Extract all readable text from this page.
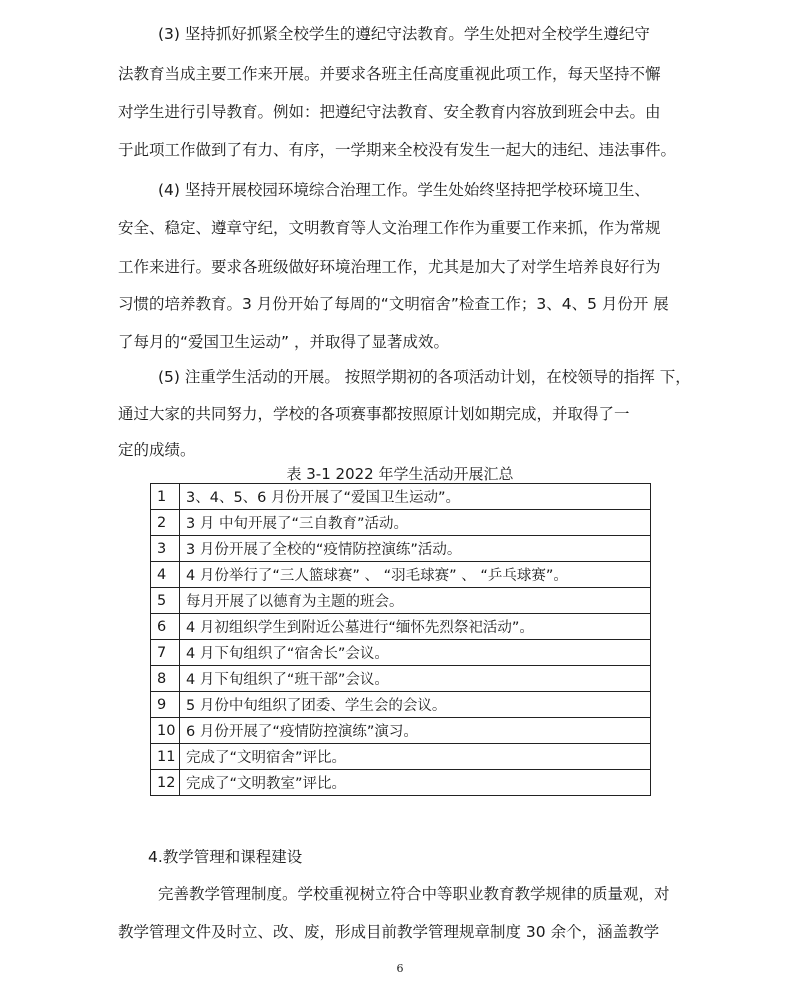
(3) 坚持抓好抓紧全校学生的遵纪守法教育。学生处把对全校学生遵纪守
法教育当成主要工作来开展。并要求各班主任高度重视此项工作，每天坚持不懈
对学生进行引导教育。例如：把遵纪守法教育、安全教育内容放到班会中去。由
于此项工作做到了有力、有序，一学期来全校没有发生一起大的违纪、违法事件。
(4) 坚持开展校园环境综合治理工作。学生处始终坚持把学校环境卫生、
安全、稳定、遵章守纪，文明教育等人文治理工作作为重要工作来抓，作为常规
工作来进行。要求各班级做好环境治理工作，尤其是加大了对学生培养良好行为
习惯的培养教育。3 月份开始了每周的“文明宿舍”检查工作；3、4、5 月份开 展
了每月的“爱国卫生运动” ，并取得了显著成效。
(5) 注重学生活动的开展。 按照学期初的各项活动计划，在校领导的指挥 下，
通过大家的共同努力，学校的各项赛事都按照原计划如期完成，并取得了一
定的成绩。
表 3-1 2022 年学生活动开展汇总
1	3、4、5、6 月份开展了“爱国卫生运动”。
2	3 月 中旬开展了“三自教育”活动。
3	3 月份开展了全校的“疫情防控演练”活动。
4	4 月份举行了“三人篮球赛” 、 “羽毛球赛” 、 “乒乓球赛”。
5	每月开展了以德育为主题的班会。
6	4 月初组织学生到附近公墓进行“缅怀先烈祭祀活动”。
7	4 月下旬组织了“宿舍长”会议。
8	4 月下旬组织了“班干部”会议。
9	5 月份中旬组织了团委、学生会的会议。
10	6 月份开展了“疫情防控演练”演习。
11	完成了“文明宿舍”评比。
12	完成了“文明教室”评比。
4.教学管理和课程建设
完善教学管理制度。学校重视树立符合中等职业教育教学规律的质量观，对
教学管理文件及时立、改、废，形成目前教学管理规章制度 30 余个，涵盖教学
6
